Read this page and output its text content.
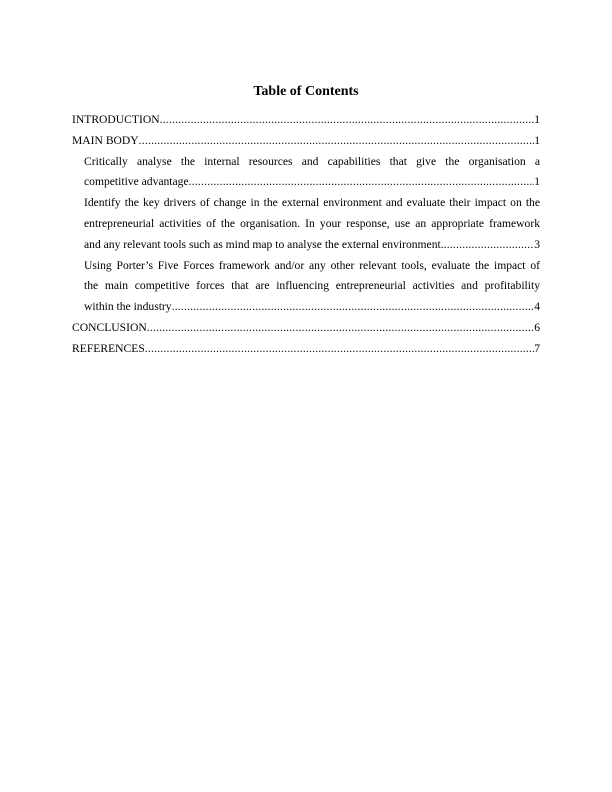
Table of Contents
INTRODUCTION .....	1
MAIN BODY .....	1
Critically analyse the internal resources and capabilities that give the organisation a
competitive advantage .....	1
Identify the key drivers of change in the external environment and evaluate their impact on the
entrepreneurial activities of the organisation. In your response, use an appropriate framework
and any relevant tools such as mind map to analyse the external environment. .....	3
Using Porter’s Five Forces framework and/or any other relevant tools, evaluate the impact of
the main competitive forces that are influencing entrepreneurial activities and profitability
within the industry .....	4
CONCLUSION .....	6
REFERENCES .....	7
